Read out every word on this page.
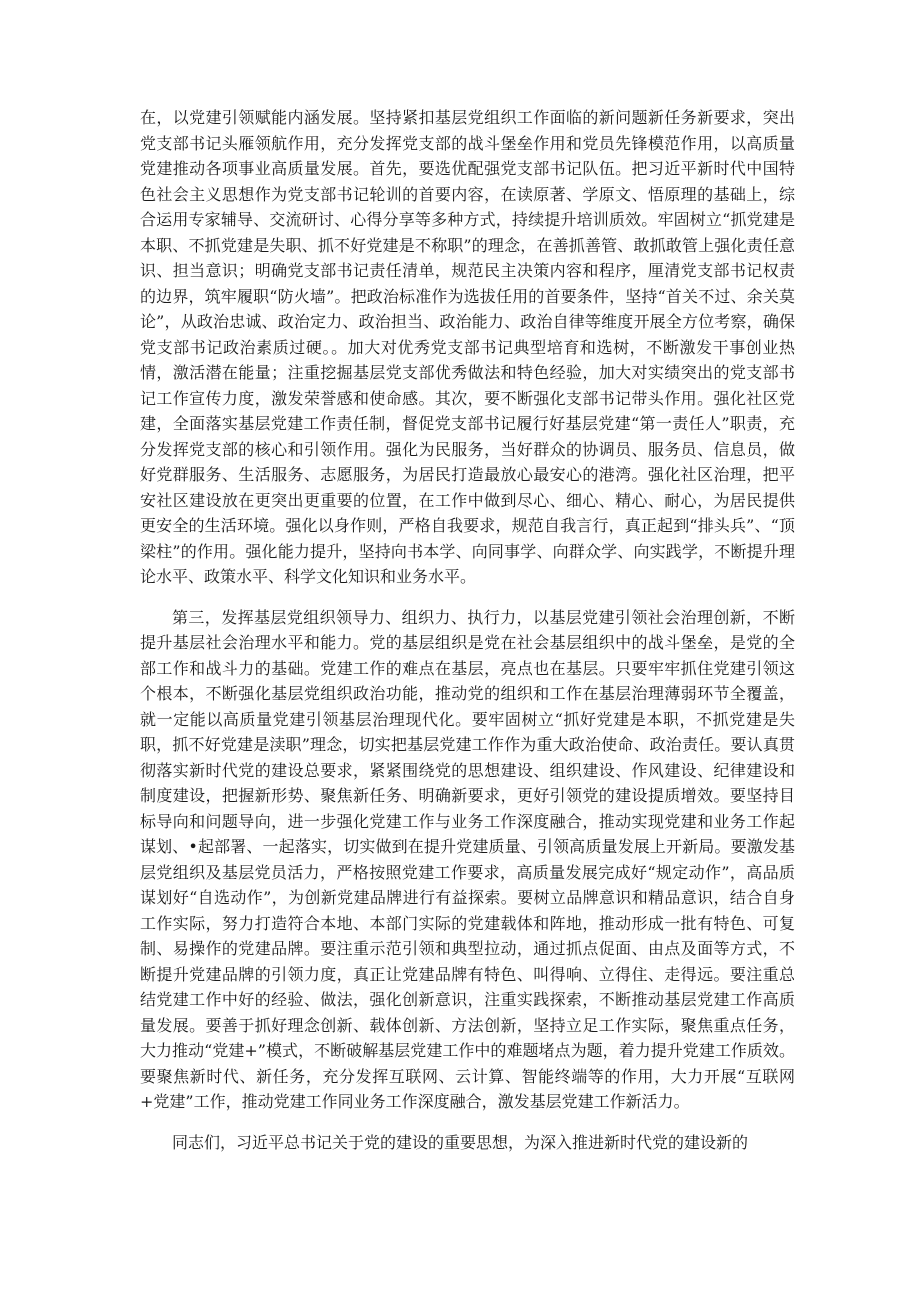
在，以党建引领赋能内涵发展。坚持紧扣基层党组织工作面临的新问题新任务新要求，突出党支部书记头雁领航作用，充分发挥党支部的战斗堡垒作用和党员先锋模范作用，以高质量党建推动各项事业高质量发展。首先，要选优配强党支部书记队伍。把习近平新时代中国特色社会主义思想作为党支部书记轮训的首要内容，在读原著、学原文、悟原理的基础上，综合运用专家辅导、交流研讨、心得分享等多种方式，持续提升培训质效。牢固树立“抓党建是本职、不抓党建是失职、抓不好党建是不称职”的理念，在善抓善管、敢抓敢管上强化责任意识、担当意识；明确党支部书记责任清单，规范民主决策内容和程序，厘清党支部书记权责的边界，筑牢履职“防火墙”。把政治标准作为选拔任用的首要条件，坚持“首关不过、余关莫论”，从政治忠诚、政治定力、政治担当、政治能力、政治自律等维度开展全方位考察，确保党支部书记政治素质过硬。。加大对优秀党支部书记典型培育和选树，不断激发干事创业热情，激活潜在能量；注重挖掘基层党支部优秀做法和特色经验，加大对实绩突出的党支部书记工作宣传力度，激发荣誉感和使命感。其次，要不断强化支部书记带头作用。强化社区党建，全面落实基层党建工作责任制，督促党支部书记履行好基层党建“第一责任人”职责，充分发挥党支部的核心和引领作用。强化为民服务，当好群众的协调员、服务员、信息员，做好党群服务、生活服务、志愿服务，为居民打造最放心最安心的港湾。强化社区治理，把平安社区建设放在更突出更重要的位置，在工作中做到尽心、细心、精心、耐心，为居民提供更安全的生活环境。强化以身作则，严格自我要求，规范自我言行，真正起到“排头兵”、“顶梁柱”的作用。强化能力提升，坚持向书本学、向同事学、向群众学、向实践学，不断提升理论水平、政策水平、科学文化知识和业务水平。

第三，发挥基层党组织领导力、组织力、执行力，以基层党建引领社会治理创新，不断提升基层社会治理水平和能力。党的基层组织是党在社会基层组织中的战斗堡垒，是党的全部工作和战斗力的基础。党建工作的难点在基层，亮点也在基层。只要牢牢抓住党建引领这个根本，不断强化基层党组织政治功能，推动党的组织和工作在基层治理薄弱环节全覆盖，就一定能以高质量党建引领基层治理现代化。要牢固树立“抓好党建是本职，不抓党建是失职，抓不好党建是渎职”理念，切实把基层党建工作作为重大政治使命、政治责任。要认真贯彻落实新时代党的建设总要求，紧紧围绕党的思想建设、组织建设、作风建设、纪律建设和制度建设，把握新形势、聚焦新任务、明确新要求，更好引领党的建设提质增效。要坚持目标导向和问题导向，进一步强化党建工作与业务工作深度融合，推动实现党建和业务工作起谋划、•起部署、一起落实，切实做到在提升党建质量、引领高质量发展上开新局。要激发基层党组织及基层党员活力，严格按照党建工作要求，高质量发展完成好“规定动作”，高品质谋划好“自选动作”，为创新党建品牌进行有益探索。要树立品牌意识和精品意识，结合自身工作实际，努力打造符合本地、本部门实际的党建载体和阵地，推动形成一批有特色、可复制、易操作的党建品牌。要注重示范引领和典型拉动，通过抓点促面、由点及面等方式，不断提升党建品牌的引领力度，真正让党建品牌有特色、叫得响、立得住、走得远。要注重总结党建工作中好的经验、做法，强化创新意识，注重实践探索，不断推动基层党建工作高质量发展。要善于抓好理念创新、载体创新、方法创新，坚持立足工作实际，聚焦重点任务，大力推动“党建+”模式，不断破解基层党建工作中的难题堵点为题，着力提升党建工作质效。要聚焦新时代、新任务，充分发挥互联网、云计算、智能终端等的作用，大力开展“互联网+党建”工作，推动党建工作同业务工作深度融合，激发基层党建工作新活力。

同志们，习近平总书记关于党的建设的重要思想，为深入推进新时代党的建设新的
